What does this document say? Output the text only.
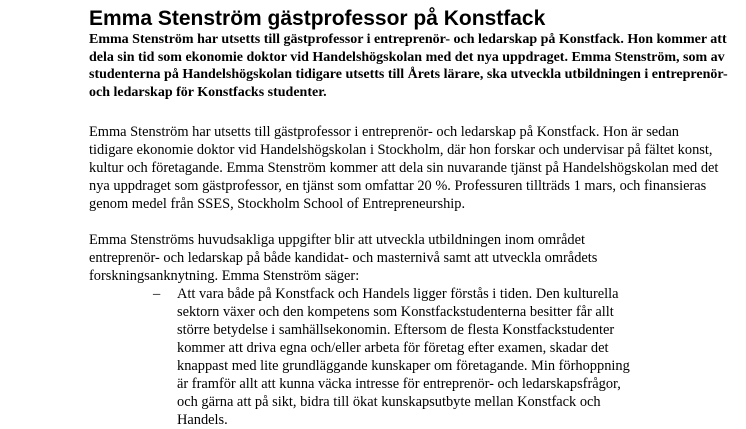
Emma Stenström gästprofessor på Konstfack

Emma Stenström har utsetts till gästprofessor i entreprenör- och ledarskap på Konstfack. Hon kommer att dela sin tid som ekonomie doktor vid Handelshögskolan med det nya uppdraget. Emma Stenström, som av studenterna på Handelshögskolan tidigare utsetts till Årets lärare, ska utveckla utbildningen i entreprenör- och ledarskap för Konstfacks studenter.

Emma Stenström har utsetts till gästprofessor i entreprenör- och ledarskap på Konstfack. Hon är sedan tidigare ekonomie doktor vid Handelshögskolan i Stockholm, där hon forskar och undervisar på fältet konst, kultur och företagande. Emma Stenström kommer att dela sin nuvarande tjänst på Handelshögskolan med det nya uppdraget som gästprofessor, en tjänst som omfattar 20 %. Professuren tillträds 1 mars, och finansieras genom medel från SSES, Stockholm School of Entrepreneurship.

Emma Stenströms huvudsakliga uppgifter blir att utveckla utbildningen inom området entreprenör- och ledarskap på både kandidat- och masternivå samt att utveckla områdets forskningsanknytning. Emma Stenström säger:

– Att vara både på Konstfack och Handels ligger förstås i tiden. Den kulturella sektorn växer och den kompetens som Konstfackstudenterna besitter får allt större betydelse i samhällsekonomin. Eftersom de flesta Konstfackstudenter kommer att driva egna och/eller arbeta för företag efter examen, skadar det knappast med lite grundläggande kunskaper om företagande. Min förhoppning är framför allt att kunna väcka intresse för entreprenör- och ledarskapsfrågor, och gärna att på sikt, bidra till ökat kunskapsutbyte mellan Konstfack och Handels.
